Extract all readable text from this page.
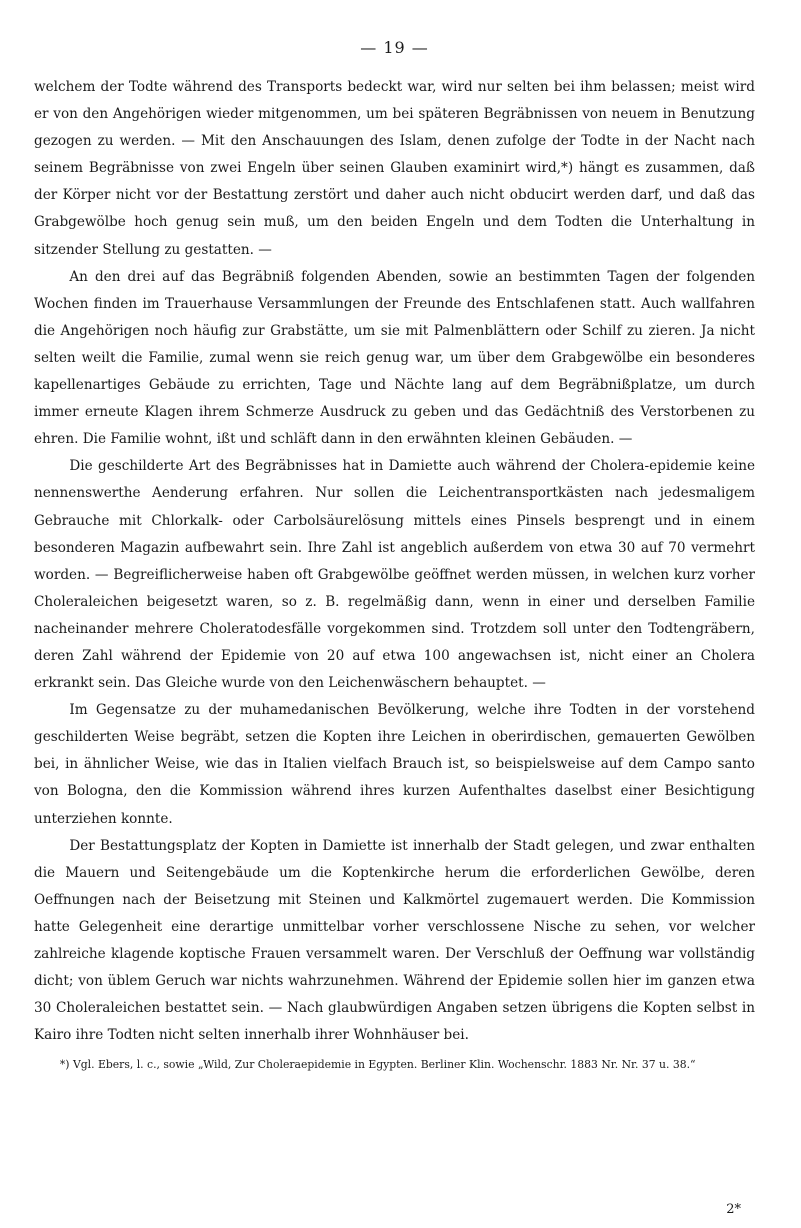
— 19 —

welchem der Todte während des Transports bedeckt war, wird nur selten bei ihm belassen; meist wird er von den Angehörigen wieder mitgenommen, um bei späteren Begräbnissen von neuem in Benutzung gezogen zu werden. — Mit den Anschauungen des Islam, denen zufolge der Todte in der Nacht nach seinem Begräbnisse von zwei Engeln über seinen Glauben examinirt wird,*) hängt es zusammen, daß der Körper nicht vor der Bestattung zerstört und daher auch nicht obducirt werden darf, und daß das Grabgewölbe hoch genug sein muß, um den beiden Engeln und dem Todten die Unterhaltung in sitzender Stellung zu gestatten. —

An den drei auf das Begräbniß folgenden Abenden, sowie an bestimmten Tagen der folgenden Wochen finden im Trauerhause Versammlungen der Freunde des Entschlafenen statt. Auch wallfahren die Angehörigen noch häufig zur Grabstätte, um sie mit Palmenblättern oder Schilf zu zieren. Ja nicht selten weilt die Familie, zumal wenn sie reich genug war, um über dem Grabgewölbe ein besonderes kapellenartiges Gebäude zu errichten, Tage und Nächte lang auf dem Begräbnißplatze, um durch immer erneute Klagen ihrem Schmerze Ausdruck zu geben und das Gedächtniß des Verstorbenen zu ehren. Die Familie wohnt, ißt und schläft dann in den erwähnten kleinen Gebäuden. —

Die geschilderte Art des Begräbnisses hat in Damiette auch während der Cholera-epidemie keine nennenswerthe Aenderung erfahren. Nur sollen die Leichentransportkästen nach jedesmaligem Gebrauche mit Chlorkalk- oder Carbolsäurelösung mittels eines Pinsels besprengt und in einem besonderen Magazin aufbewahrt sein. Ihre Zahl ist angeblich außerdem von etwa 30 auf 70 vermehrt worden. — Begreiflicherweise haben oft Grabgewölbe geöffnet werden müssen, in welchen kurz vorher Choleraleichen beigesetzt waren, so z. B. regelmäßig dann, wenn in einer und derselben Familie nacheinander mehrere Choleratodesfälle vorgekommen sind. Trotzdem soll unter den Todtengräbern, deren Zahl während der Epidemie von 20 auf etwa 100 angewachsen ist, nicht einer an Cholera erkrankt sein. Das Gleiche wurde von den Leichenwäschern behauptet. —

Im Gegensatze zu der muhamedanischen Bevölkerung, welche ihre Todten in der vorstehend geschilderten Weise begräbt, setzen die Kopten ihre Leichen in oberirdischen, gemauerten Gewölben bei, in ähnlicher Weise, wie das in Italien vielfach Brauch ist, so beispielsweise auf dem Campo santo von Bologna, den die Kommission während ihres kurzen Aufenthaltes daselbst einer Besichtigung unterziehen konnte.

Der Bestattungsplatz der Kopten in Damiette ist innerhalb der Stadt gelegen, und zwar enthalten die Mauern und Seitengebäude um die Koptenkirche herum die erforderlichen Gewölbe, deren Oeffnungen nach der Beisetzung mit Steinen und Kalkmörtel zugemauert werden. Die Kommission hatte Gelegenheit eine derartige unmittelbar vorher verschlossene Nische zu sehen, vor welcher zahlreiche klagende koptische Frauen versammelt waren. Der Verschluß der Oeffnung war vollständig dicht; von üblem Geruch war nichts wahrzunehmen. Während der Epidemie sollen hier im ganzen etwa 30 Choleraleichen bestattet sein. — Nach glaubwürdigen Angaben setzen übrigens die Kopten selbst in Kairo ihre Todten nicht selten innerhalb ihrer Wohnhäuser bei.

*) Vgl. Ebers, l. c., sowie „Wild, Zur Choleraepidemie in Egypten. Berliner Klin. Wochenschr. 1883 Nr. Nr. 37 u. 38.“

2*
